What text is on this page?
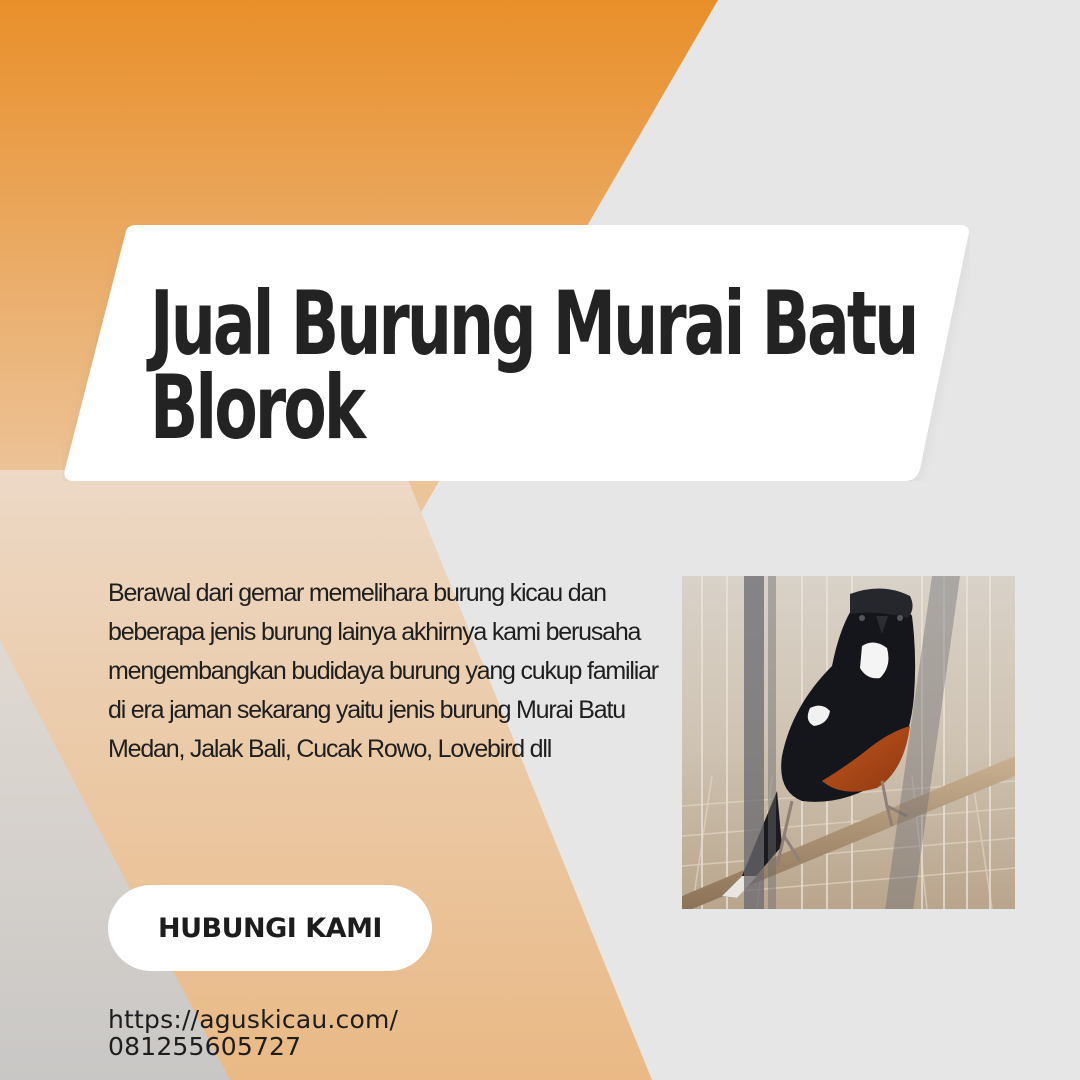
Jual Burung Murai Batu
Blorok

Berawal dari gemar memelihara burung kicau dan beberapa jenis burung lainya akhirnya kami berusaha mengembangkan budidaya burung yang cukup familiar di era jaman sekarang yaitu jenis burung Murai Batu Medan, Jalak Bali, Cucak Rowo, Lovebird dll

HUBUNGI KAMI
https://aguskicau.com/
081255605727
